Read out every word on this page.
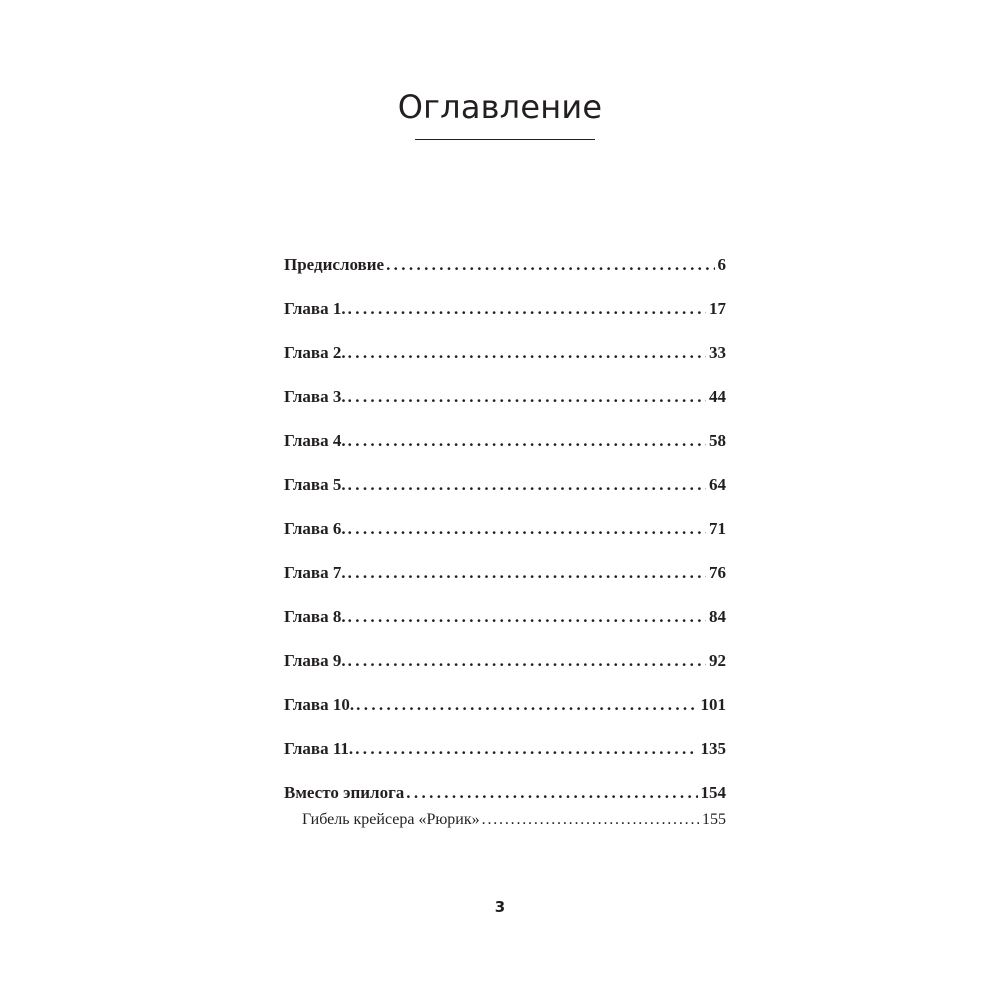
Оглавление
Предисловие . . .	6
Глава 1. . . .	17
Глава 2. . . .	33
Глава 3. . . .	44
Глава 4. . . .	58
Глава 5. . . .	64
Глава 6. . . .	71
Глава 7. . . .	76
Глава 8. . . .	84
Глава 9. . . .	92
Глава 10. . . .	101
Глава 11. . . .	135
Вместо эпилога . . .	154
Гибель крейсера «Рюрик» . . .	155
3
